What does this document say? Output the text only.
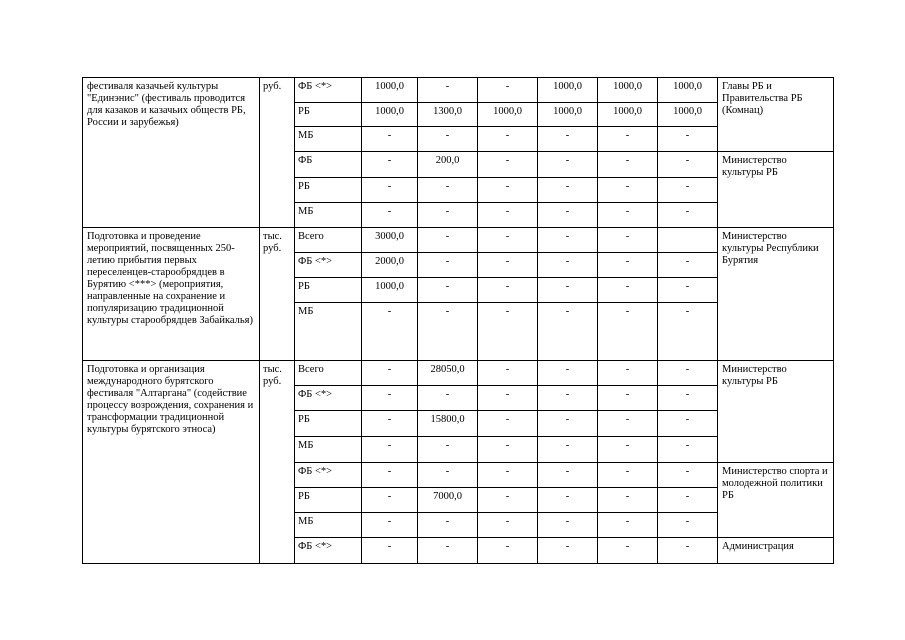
фестиваля казачьей культуры "Единэнис" (фестиваль проводится для казаков и казачьих обществ РБ, России и зарубежья)	руб.	ФБ <*>	1000,0	-	-	1000,0	1000,0	1000,0	Главы РБ и Правительства РБ (Комнац)
		РБ	1000,0	1300,0	1000,0	1000,0	1000,0	1000,0	
		МБ	-	-	-	-	-	-	
		ФБ	-	200,0	-	-	-	-	Министерство культуры РБ
		РБ	-	-	-	-	-	-	
		МБ	-	-	-	-	-	-	
Подготовка и проведение мероприятий, посвященных 250-летию прибытия первых переселенцев-старообрядцев в Бурятию <***> (мероприятия, направленные на сохранение и популяризацию традиционной культуры старообрядцев Забайкалья)	тыс. руб.	Всего	3000,0	-	-	-	-		Министерство культуры Республики Бурятия
		ФБ <*>	2000,0	-	-	-	-	-	
		РБ	1000,0	-	-	-	-	-	
		МБ	-	-	-	-	-	-	
Подготовка и организация международного бурятского фестиваля "Алтаргана" (содействие процессу возрождения, сохранения и трансформации традиционной культуры бурятского этноса)	тыс. руб.	Всего	-	28050,0	-	-	-	-	Министерство культуры РБ
		ФБ <*>	-	-	-	-	-	-	
		РБ	-	15800,0	-	-	-	-	
		МБ	-	-	-	-	-	-	
		ФБ <*>	-	-	-	-	-	-	Министерство спорта и молодежной политики РБ
		РБ	-	7000,0	-	-	-	-	
		МБ	-	-	-	-	-	-	
		ФБ <*>	-	-	-	-	-	-	Администрация
